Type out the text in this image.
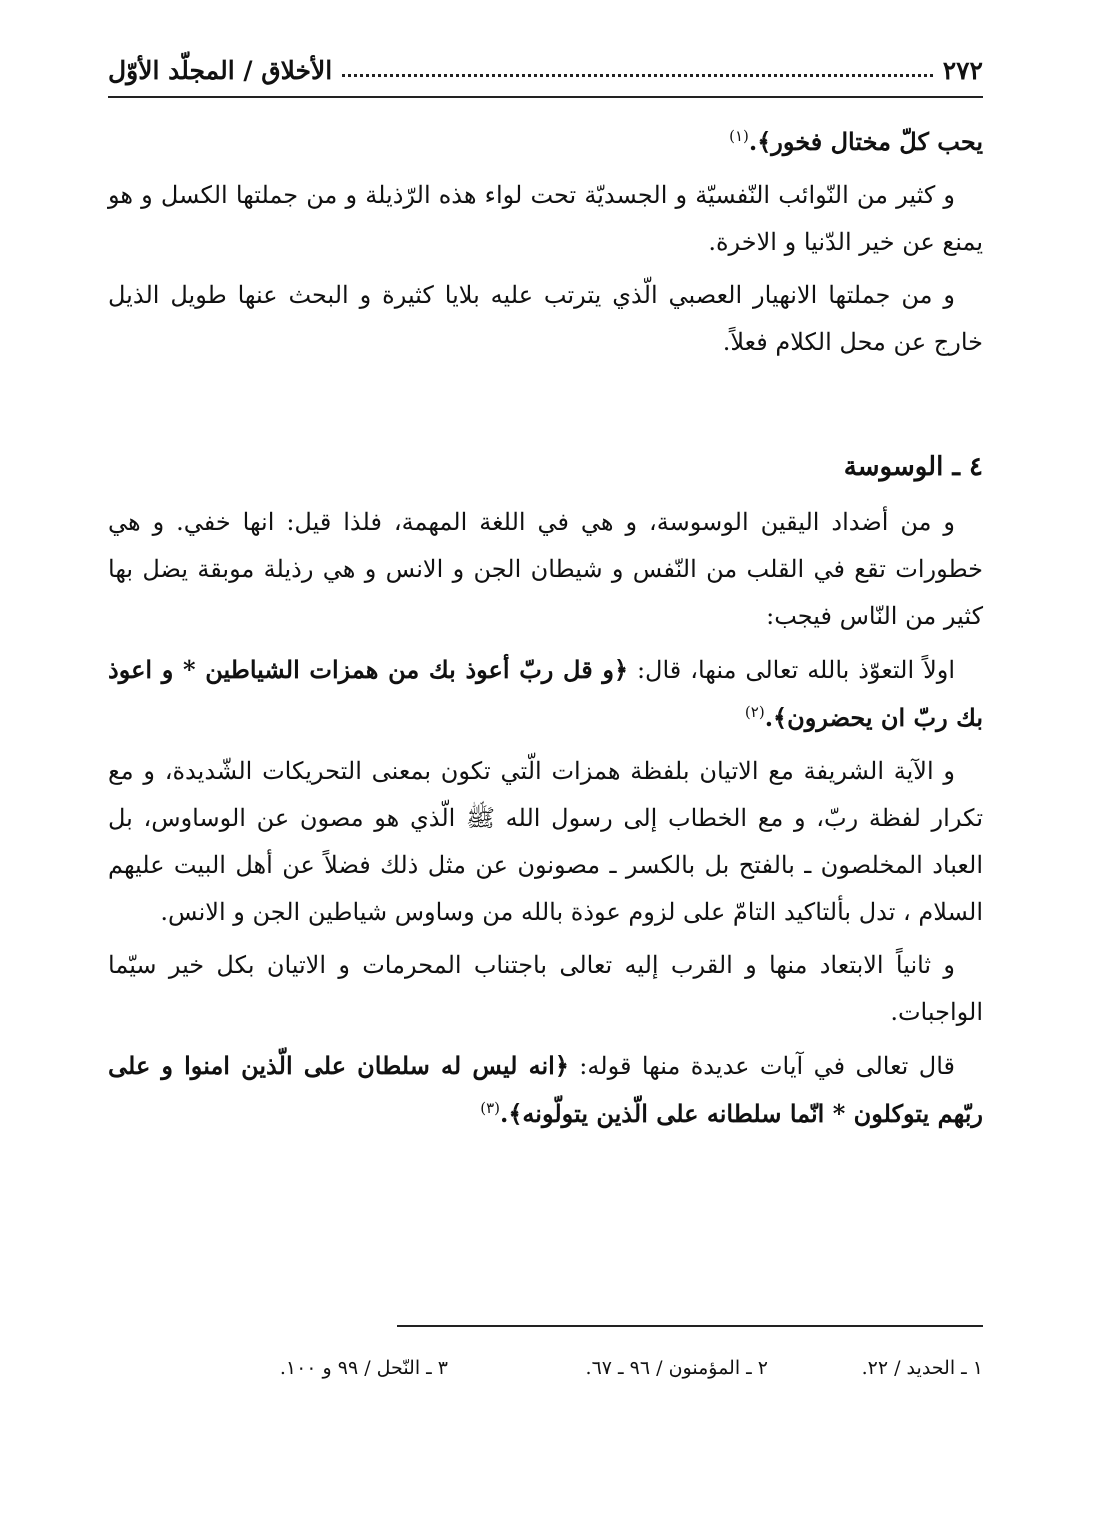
٢٧٢
الأخلاق / المجلّد الأوّل

يحب كلّ مختال فخور﴾.$^{(١)}$

و كثير من النّوائب النّفسيّة و الجسديّة تحت لواء هذه الرّذيلة و من جملتها الكسل و هو يمنع عن خير الدّنيا و الاخرة.

و من جملتها الانهيار العصبي الّذي يترتب عليه بلايا كثيرة و البحث عنها طويل الذيل خارج عن محل الكلام فعلاً.

٤ ـ الوسوسة

و من أضداد اليقين الوسوسة، و هي في اللغة المهمة، فلذا قيل: انها خفي. و هي خطورات تقع في القلب من النّفس و شيطان الجن و الانس و هي رذيلة موبقة يضل بها كثير من النّاس فيجب:

اولاً التعوّذ بالله تعالى منها، قال: ﴿و قل ربّ أعوذ بك من همزات الشياطين * و اعوذ بك ربّ ان يحضرون﴾.$^{(٢)}$

و الآية الشريفة مع الاتيان بلفظة همزات الّتي تكون بمعنى التحريكات الشّديدة، و مع تكرار لفظة ربّ، و مع الخطاب إلى رسول الله ﷺ الّذي هو مصون عن الوساوس، بل العباد المخلصون ـ بالفتح بل بالكسر ـ مصونون عن مثل ذلك فضلاً عن أهل البيت عليهم السلام ، تدل بألتاكيد التامّ على لزوم عوذة بالله من وساوس شياطين الجن و الانس.

و ثانياً الابتعاد منها و القرب إليه تعالى باجتناب المحرمات و الاتيان بكل خير سيّما الواجبات.

قال تعالى في آيات عديدة منها قوله: ﴿انه ليس له سلطان على الّذين امنوا و على ربّهم يتوكلون * انّما سلطانه على الّذين يتولّونه﴾.$^{(٣)}$

١ ـ الحديد / ٢٢.
٢ ـ المؤمنون / ٩٦ ـ ٦٧.
٣ ـ النّحل / ٩٩ و ١٠٠.
